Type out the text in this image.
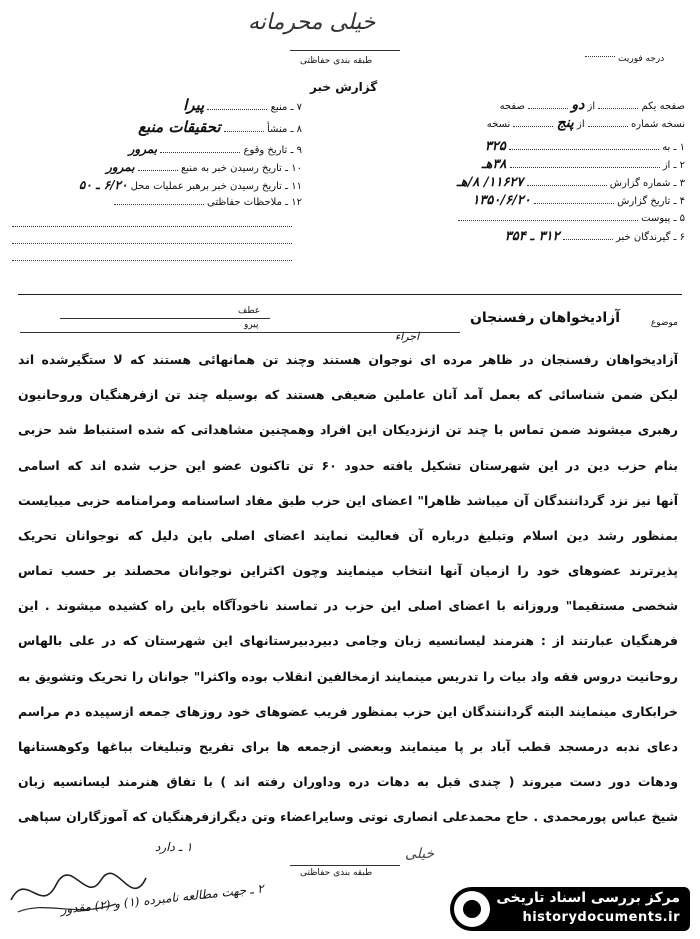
خیلی محرمانه
طبقه بندی حفاظتی
گزارش خبر
درجه فوریت
صفحه یکم  از دو  صفحه
نسخه شماره  از پنج  نسخه
۱ ـ به  ۳۲۵
۲ ـ از  ۳۸هـ
۳ ـ شماره گزارش  ۱۱۶۲۷/ ۸/هـ
۴ ـ تاریخ گزارش  ۱۳۵۰/۶/۲۰
۵ ـ پیوست
۶ ـ گیرندگان خبر  ۳۱۲ ـ ۳۵۴
۷ ـ منبع  پیرا
۸ ـ منشأ  تحقیقات منبع
۹ ـ تاریخ وقوع  بمرور
۱۰ ـ تاریخ رسیدن خبر به منبع  بمرور
۱۱ ـ تاریخ رسیدن خبر برهبر عملیات محل ۶/۲۰ ـ ۵۰
۱۲ ـ ملاحظات حفاظتی
عطف
پیرو	موضوع
آزادیخواهان رفسنجان
اجراء
آزادیخواهان رفسنجان در ظاهر مرده ای نوجوان هستند وچند تن همانهائی هستند که لا ستگیرشده اند
لیکن ضمن شناسائی که بعمل آمد آنان عاملین ضعیفی هستند که بوسیله چند تن ازفرهنگیان وروحانیون
رهبری میشوند ضمن تماس با چند تن ازنزدیکان این افراد وهمچنین مشاهداتی که شده استنباط شد حزبی
بنام حزب دین در این شهرستان تشکیل یافته حدود ۶۰ تن تاکنون عضو این حزب شده اند که اسامی
آنها نیز نزد گرداننندگان آن میباشد ظاهرا" اعضای این حزب طبق مفاد اساسنامه ومرامنامه حزبی میبایست
بمنظور رشد دین اسلام وتبلیغ درباره آن فعالیت نمایند اعضای اصلی باین دلیل که نوجوانان تحریک
پذیرترند عضوهای خود را ازمیان آنها انتخاب مینمایند وچون اکثراین نوجوانان محصلند بر حسب تماس
شخصی مستقیما" وروزانه با اعضای اصلی این حزب در تماسند ناخودآگاه باین راه کشیده میشوند . این
فرهنگیان عبارتند از : هنرمند لیسانسیه زبان وجامی دبیردبیرستانهای این شهرستان که در علی بالهاس
روحانیت دروس فقه واد بیات را تدریس مینمایند ازمخالفین انقلاب بوده واکثرا" جوانان را تحریک وتشویق به
خرابکاری مینمایند البته گرداننندگان این حزب بمنظور فریب عضوهای خود روزهای جمعه ازسپیده دم مراسم
دعای ندبه درمسجد قطب آباد بر پا مینمایند وبعضی ازجمعه ها برای تفریح وتبلیغات بباغها وکوهستانها
ودهات دور دست میروند ( چندی قبل به دهات دره وداوران رفته اند ) با تفاق هنرمند لیسانسیه زبان
شیخ عباس پورمحمدی . حاج محمدعلی انصاری نوتی وسایراعضاء وتن دیگرازفرهنگیان که آموزگاران سپاهی
طبقه بندی حفاظتی
۱ ـ دارد	خیلی
۲ ـ جهت مطالعه نامبرده (۱) و (۲) مقدور
مرکز بررسی اسناد تاریخی
historydocuments.ir
